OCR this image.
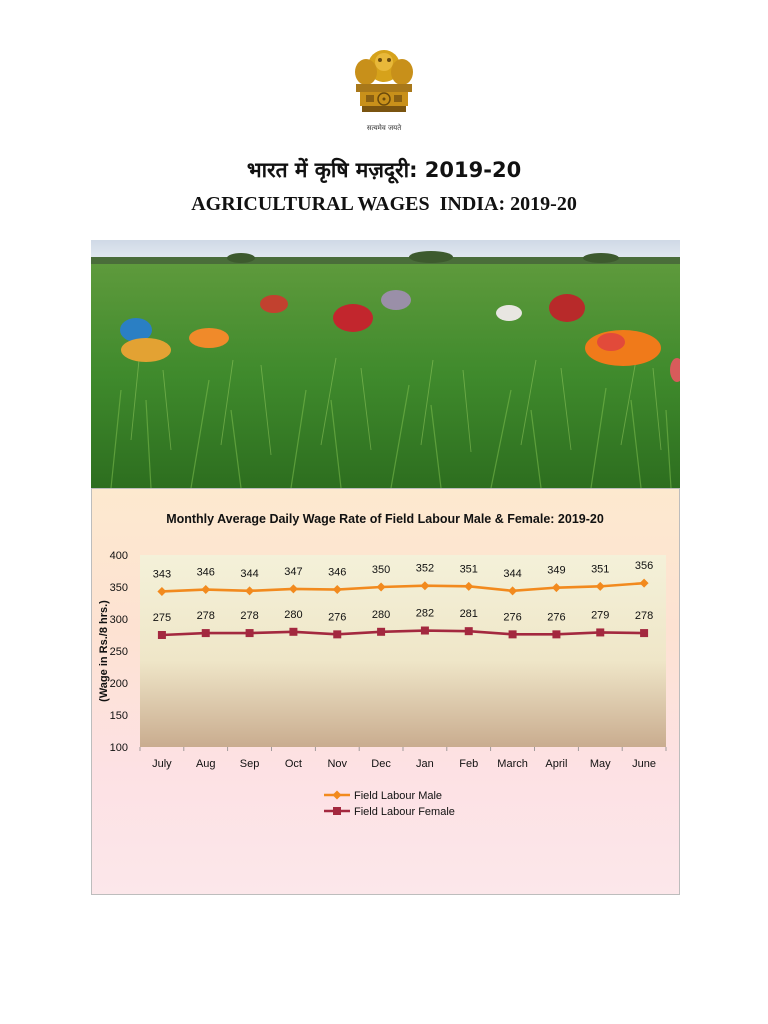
सत्यमेव जयते
भारत में कृषि मज़दूरी: 2019-20
AGRICULTURAL WAGES  INDIA: 2019-20
Monthly Average Daily Wage Rate of Field Labour Male & Female: 2019-20
(Wage in Rs./8 hrs.)
100
150
200
250
300
350
400
July Aug Sep Oct Nov Dec Jan Feb March April May June
343 346 344 347 346 350 352 351 344 349 351 356
275 278 278 280 276 280 282 281 276 276 279 278
Field Labour Male
Field Labour Female
